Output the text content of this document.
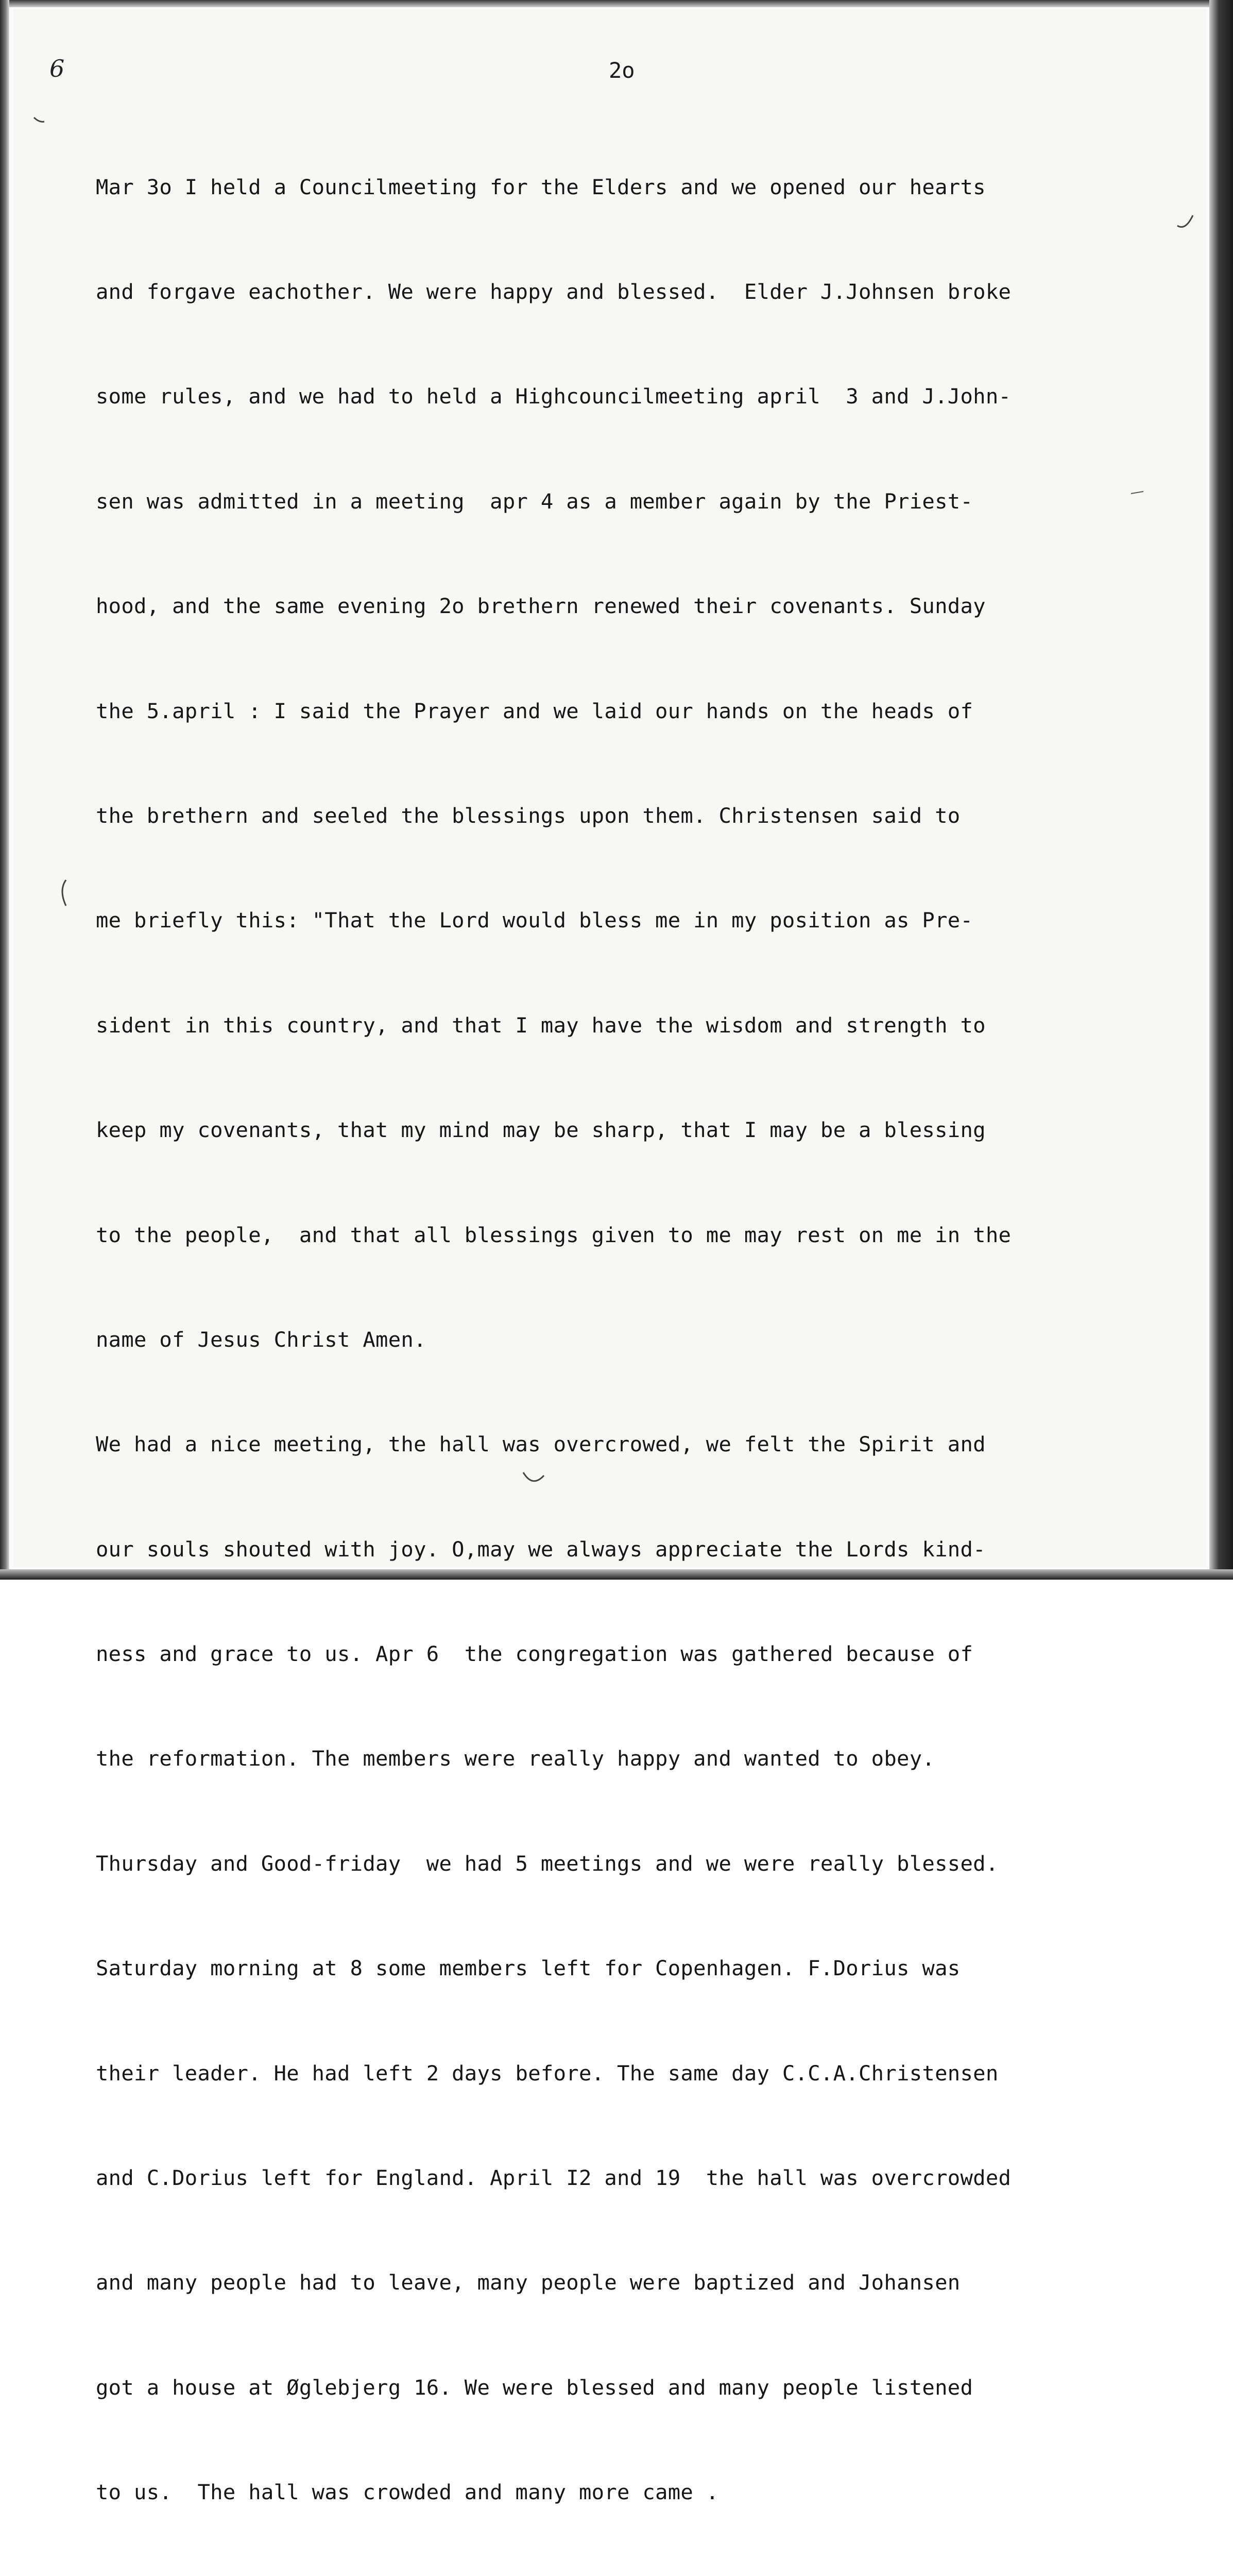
6	2o

Mar 3o I held a Councilmeeting for the Elders and we opened our hearts

and forgave eachother. We were happy and blessed.  Elder J.Johnsen broke

some rules, and we had to held a Highcouncilmeeting april  3 and J.John-

sen was admitted in a meeting  apr 4 as a member again by the Priest-

hood, and the same evening 2o brethern renewed their covenants. Sunday

the 5.april : I said the Prayer and we laid our hands on the heads of

the brethern and seeled the blessings upon them. Christensen said to

me briefly this: "That the Lord would bless me in my position as Pre-

sident in this country, and that I may have the wisdom and strength to

keep my covenants, that my mind may be sharp, that I may be a blessing

to the people,  and that all blessings given to me may rest on me in the

name of Jesus Christ Amen.

We had a nice meeting, the hall was overcrowed, we felt the Spirit and

our souls shouted with joy. O,may we always appreciate the Lords kind-

ness and grace to us. Apr 6  the congregation was gathered because of

the reformation. The members were really happy and wanted to obey.

Thursday and Good-friday  we had 5 meetings and we were really blessed.

Saturday morning at 8 some members left for Copenhagen. F.Dorius was

their leader. He had left 2 days before. The same day C.C.A.Christensen

and C.Dorius left for England. April I2 and 19  the hall was overcrowded

and many people had to leave, many people were baptized and Johansen

got a house at Øglebjerg 16. We were blessed and many people listened

to us.  The hall was crowded and many more came .
